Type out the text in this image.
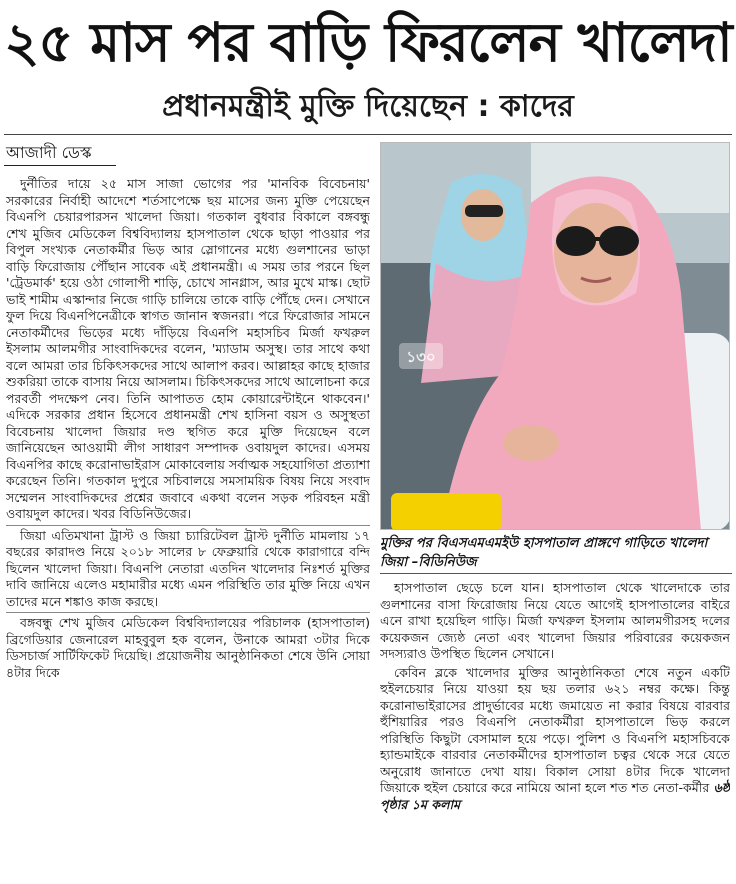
২৫ মাস পর বাড়ি ফিরলেন খালেদা
প্রধানমন্ত্রীই মুক্তি দিয়েছেন : কাদের
আজাদী ডেস্ক

দুর্নীতির দায়ে ২৫ মাস সাজা ভোগের পর 'মানবিক বিবেচনায়' সরকারের নির্বাহী আদেশে শর্তসাপেক্ষে ছয় মাসের জন্য মুক্তি পেয়েছেন বিএনপি চেয়ারপারসন খালেদা জিয়া। গতকাল বুধবার বিকালে বঙ্গবন্ধু শেখ মুজিব মেডিকেল বিশ্ববিদ্যালয় হাসপাতাল থেকে ছাড়া পাওয়ার পর বিপুল সংখ্যক নেতাকর্মীর ভিড় আর স্লোগানের মধ্যে গুলশানের ভাড়া বাড়ি ফিরোজায় পৌঁছান সাবেক এই প্রধানমন্ত্রী। এ সময় তার পরনে ছিল 'ট্রেডমার্ক' হয়ে ওঠা গোলাপী শাড়ি, চোখে সানগ্লাস, আর মুখে মাস্ক। ছোট ভাই শামীম এস্কান্দার নিজে গাড়ি চালিয়ে তাকে বাড়ি পৌঁছে দেন। সেখানে ফুল দিয়ে বিএনপিনেত্রীকে স্বাগত জানান স্বজনরা। পরে ফিরোজার সামনে নেতাকর্মীদের ভিড়ের মধ্যে দাঁড়িয়ে বিএনপি মহাসচিব মির্জা ফখরুল ইসলাম আলমগীর সাংবাদিকদের বলেন, 'ম্যাডাম অসুস্থ। তার সাথে কথা বলে আমরা তার চিকিৎসকদের সাথে আলাপ করব। আল্লাহর কাছে হাজার শুকরিয়া তাকে বাসায় নিয়ে আসলাম। চিকিৎসকদের সাথে আলোচনা করে পরবর্তী পদক্ষেপ নেব। তিনি আপাতত হোম কোয়ারেন্টাইনে থাকবেন।' এদিকে সরকার প্রধান হিসেবে প্রধানমন্ত্রী শেখ হাসিনা বয়স ও অসুস্থতা বিবেচনায় খালেদা জিয়ার দণ্ড স্থগিত করে মুক্তি দিয়েছেন বলে জানিয়েছেন আওয়ামী লীগ সাধারণ সম্পাদক ওবায়দুল কাদের। এসময় বিএনপির কাছে করোনাভাইরাস মোকাবেলায় সর্বাত্মক সহযোগিতা প্রত্যাশা করেছেন তিনি। গতকাল দুপুরে সচিবালয়ে সমসাময়িক বিষয় নিয়ে সংবাদ সম্মেলন সাংবাদিকদের প্রশ্নের জবাবে একথা বলেন সড়ক পরিবহন মন্ত্রী ওবায়দুল কাদের। খবর বিডিনিউজের।

জিয়া এতিমখানা ট্রাস্ট ও জিয়া চ্যারিটেবল ট্রাস্ট দুর্নীতি মামলায় ১৭ বছরের কারাদণ্ড নিয়ে ২০১৮ সালের ৮ ফেব্রুয়ারি থেকে কারাগারে বন্দি ছিলেন খালেদা জিয়া। বিএনপি নেতারা এতদিন খালেদার নিঃশর্ত মুক্তির দাবি জানিয়ে এলেও মহামারীর মধ্যে এমন পরিস্থিতি তার মুক্তি নিয়ে এখন তাদের মনে শঙ্কাও কাজ করছে।

বঙ্গবন্ধু শেখ মুজিব মেডিকেল বিশ্ববিদ্যালয়ের পরিচালক (হাসপাতাল) ব্রিগেডিয়ার জেনারেল মাহবুবুল হক বলেন, উনাকে আমরা ৩টার দিকে ডিসচার্জ সার্টিফিকেট দিয়েছি। প্রয়োজনীয় আনুষ্ঠানিকতা শেষে উনি সোয়া ৪টার দিকে

১৩০
মুক্তির পর বিএসএমএমইউ হাসপাতাল প্রাঙ্গণে গাড়িতে খালেদা জিয়া –বিডিনিউজ

হাসপাতাল ছেড়ে চলে যান। হাসপাতাল থেকে খালেদাকে তার গুলশানের বাসা ফিরোজায় নিয়ে যেতে আগেই হাসপাতালের বাইরে এনে রাখা হয়েছিল গাড়ি। মির্জা ফখরুল ইসলাম আলমগীরসহ দলের কয়েকজন জ্যেষ্ঠ নেতা এবং খালেদা জিয়ার পরিবারের কয়েকজন সদস্যরাও উপস্থিত ছিলেন সেখানে।

কেবিন ব্লকে খালেদার মুক্তির আনুষ্ঠানিকতা শেষে নতুন একটি হুইলচেয়ার নিয়ে যাওয়া হয় ছয় তলার ৬২১ নম্বর কক্ষে। কিন্তু করোনাভাইরাসের প্রাদুর্ভাবের মধ্যে জমায়েত না করার বিষয়ে বারবার হুঁশিয়ারির পরও বিএনপি নেতাকর্মীরা হাসপাতালে ভিড় করলে পরিস্থিতি কিছুটা বেসামাল হয়ে পড়ে। পুলিশ ও বিএনপি মহাসচিবকে হ্যান্ডমাইকে বারবার নেতাকর্মীদের হাসপাতাল চত্বর থেকে সরে যেতে অনুরোধ জানাতে দেখা যায়। বিকাল সোয়া ৪টার দিকে খালেদা জিয়াকে হুইল চেয়ারে করে নামিয়ে আনা হলে শত শত নেতা-কর্মীর ৬ষ্ঠ পৃষ্ঠার ১ম কলাম
